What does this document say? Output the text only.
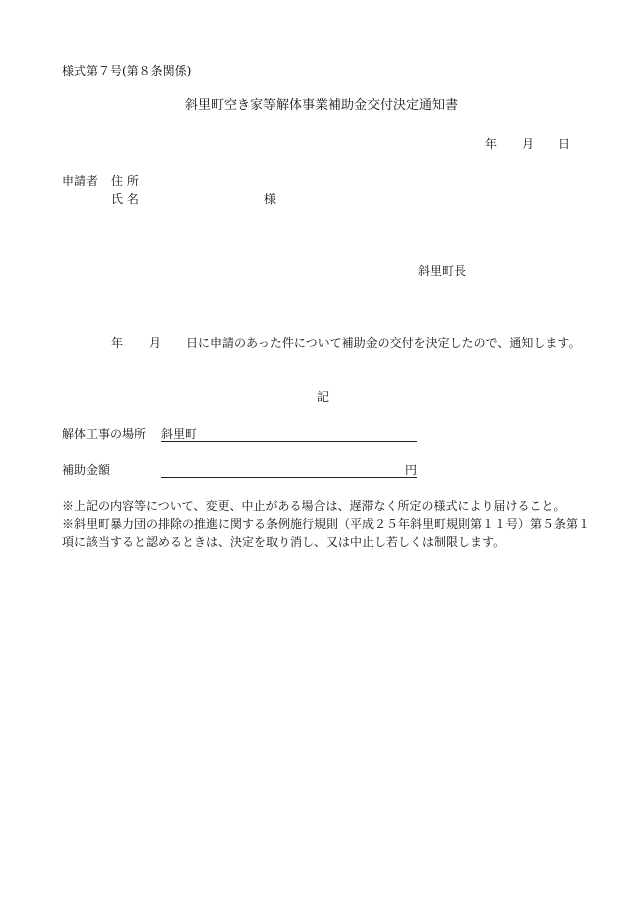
様式第７号(第８条関係)
斜里町空き家等解体事業補助金交付決定通知書
年 月 日
申請者 住 所
氏 名	様
斜里町長
年 月 日に申請のあった件について補助金の交付を決定したので、通知します。
記
解体工事の場所 斜里町
補助金額	円
※上記の内容等について、変更、中止がある場合は、遅滞なく所定の様式により届けること。
※斜里町暴力団の排除の推進に関する条例施行規則（平成２５年斜里町規則第１１号）第５条第１
項に該当すると認めるときは、決定を取り消し、又は中止し若しくは制限します。
